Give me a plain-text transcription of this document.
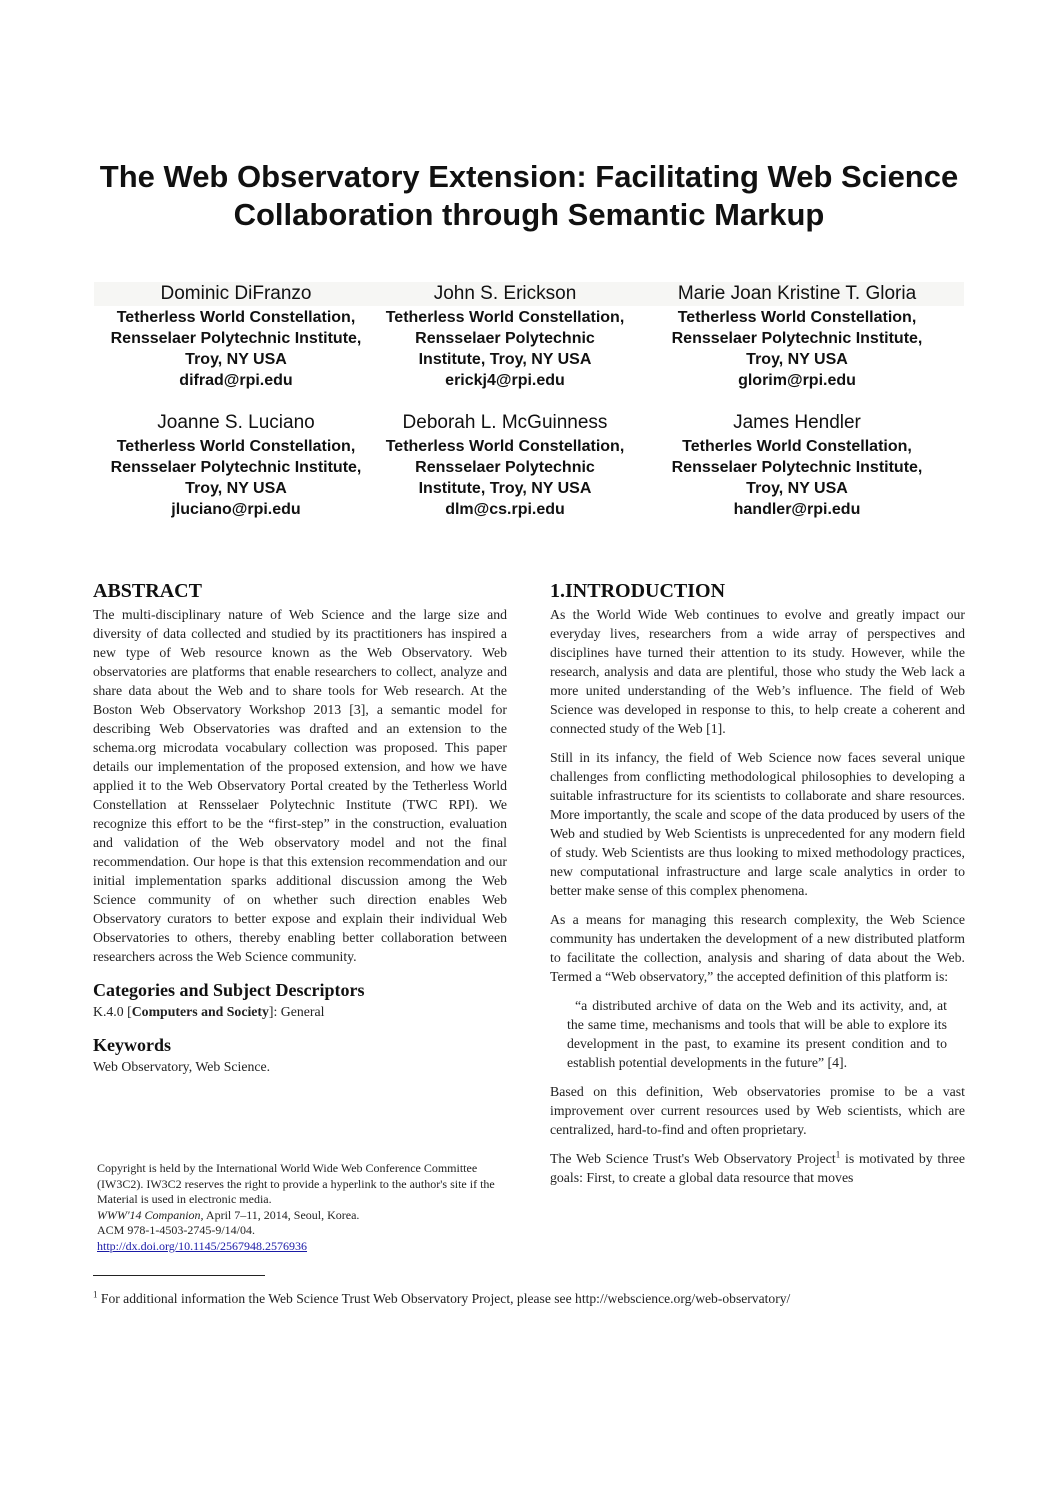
The Web Observatory Extension: Facilitating Web Science Collaboration through Semantic Markup
Dominic DiFranzo
Tetherless World Constellation,
Rensselaer Polytechnic Institute,
Troy, NY USA
difrad@rpi.edu
John S. Erickson
Tetherless World Constellation,
Rensselaer Polytechnic
Institute, Troy, NY USA
erickj4@rpi.edu
Marie Joan Kristine T. Gloria
Tetherless World Constellation,
Rensselaer Polytechnic Institute,
Troy, NY USA
glorim@rpi.edu
Joanne S. Luciano
Tetherless World Constellation,
Rensselaer Polytechnic Institute,
Troy, NY USA
jluciano@rpi.edu
Deborah L. McGuinness
Tetherless World Constellation,
Rensselaer Polytechnic
Institute, Troy, NY USA
dlm@cs.rpi.edu
James Hendler
Tetherles World Constellation,
Rensselaer Polytechnic Institute,
Troy, NY USA
handler@rpi.edu
ABSTRACT

The multi-disciplinary nature of Web Science and the large size and diversity of data collected and studied by its practitioners has inspired a new type of Web resource known as the Web Observatory. Web observatories are platforms that enable researchers to collect, analyze and share data about the Web and to share tools for Web research. At the Boston Web Observatory Workshop 2013 [3], a semantic model for describing Web Observatories was drafted and an extension to the schema.org microdata vocabulary collection was proposed. This paper details our implementation of the proposed extension, and how we have applied it to the Web Observatory Portal created by the Tetherless World Constellation at Rensselaer Polytechnic Institute (TWC RPI). We recognize this effort to be the “first-step” in the construction, evaluation and validation of the Web observatory model and not the final recommendation. Our hope is that this extension recommendation and our initial implementation sparks additional discussion among the Web Science community of on whether such direction enables Web Observatory curators to better expose and explain their individual Web Observatories to others, thereby enabling better collaboration between researchers across the Web Science community.

Categories and Subject Descriptors

K.4.0 [Computers and Society]: General

Keywords

Web Observatory, Web Science.

Copyright is held by the International World Wide Web Conference Committee (IW3C2). IW3C2 reserves the right to provide a hyperlink to the author's site if the Material is used in electronic media.
WWW'14 Companion, April 7–11, 2014, Seoul, Korea.
ACM 978-1-4503-2745-9/14/04.
http://dx.doi.org/10.1145/2567948.2576936
1.INTRODUCTION

As the World Wide Web continues to evolve and greatly impact our everyday lives, researchers from a wide array of perspectives and disciplines have turned their attention to its study. However, while the research, analysis and data are plentiful, those who study the Web lack a more united understanding of the Web’s influence. The field of Web Science was developed in response to this, to help create a coherent and connected study of the Web [1].

Still in its infancy, the field of Web Science now faces several unique challenges from conflicting methodological philosophies to developing a suitable infrastructure for its scientists to collaborate and share resources. More importantly, the scale and scope of the data produced by users of the Web and studied by Web Scientists is unprecedented for any modern field of study. Web Scientists are thus looking to mixed methodology practices, new computational infrastructure and large scale analytics in order to better make sense of this complex phenomena.

As a means for managing this research complexity, the Web Science community has undertaken the development of a new distributed platform to facilitate the collection, analysis and sharing of data about the Web. Termed a “Web observatory,” the accepted definition of this platform is:

“a distributed archive of data on the Web and its activity, and, at the same time, mechanisms and tools that will be able to explore its development in the past, to examine its present condition and to establish potential developments in the future” [4].

Based on this definition, Web observatories promise to be a vast improvement over current resources used by Web scientists, which are centralized, hard-to-find and often proprietary.

The Web Science Trust's Web Observatory Project$^1$ is motivated by three goals: First, to create a global data resource that moves

$^1$ For additional information the Web Science Trust Web Observatory Project, please see http://webscience.org/web-observatory/
